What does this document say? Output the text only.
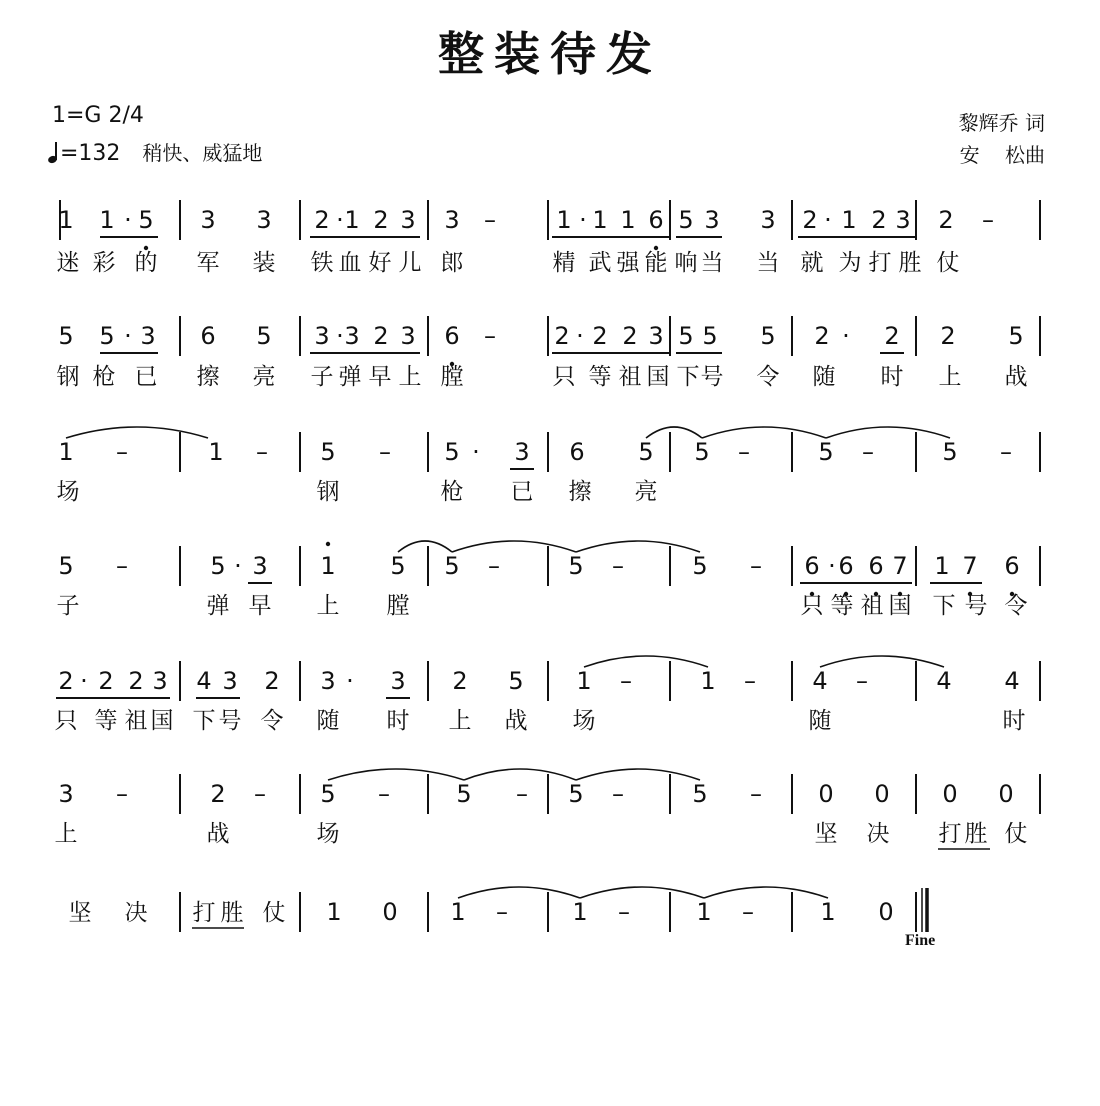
整装待发
1=G 2/4
=132 稍快、威猛地
黎辉乔 词
安    松曲
1 1 · 5 3 3 2 · 1 2 3 3 –	1 · 1 1 6 5 3 3 2 · 1 2 3 2 –
迷 彩 的 军 装 铁 血 好 儿 郎	精 武 强 能 响 当 当 就 为 打 胜 仗
5 5 · 3 6 5 3 · 3 2 3 6 – 2 · 2 2 3 5 5 5 2 · 2 2 5
钢 枪 已 擦 亮 子 弹 早 上 膛	只 等 祖 国 下 号 令 随 时 上 战
1 –	1 – 5 – 5 · 3 6 5 5 –	5 –	5 –
场	钢	枪 已 擦 亮
5 –	5 · 3 1 5 5 –	5 –	5 – 6 · 6 6 7 1 7 6
子	弹 早 上 膛	只 等 祖 国 下 号 令
2 · 2 2 3 4 3 2 3 · 3 2 5 1 –	1 – 4 –	4 4
只 等 祖 国 下 号 令 随 时 上 战 场	随	时
3 –	2 – 5 –	5 – 5 –	5 – 0 0 0 0
上	战	场	坚 决 打 胜 仗
1 0 1 –	1 –	1 –	1 0
坚 决 打 胜 仗
Fine
